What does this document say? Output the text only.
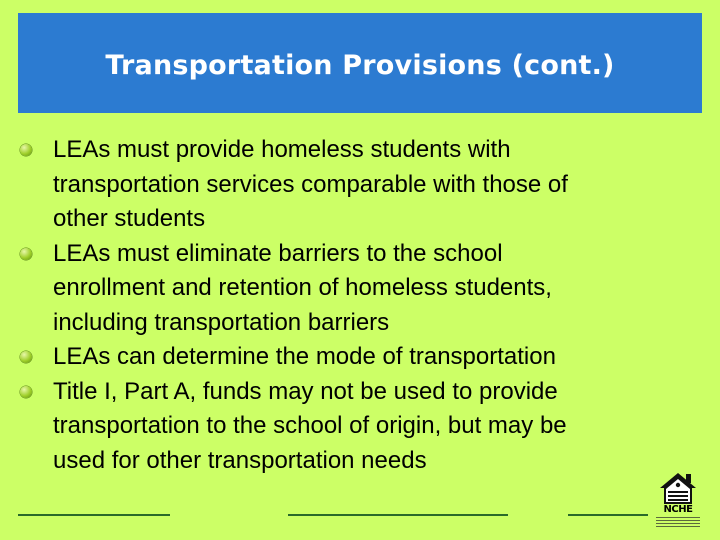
Transportation Provisions (cont.)
LEAs must provide homeless students with
transportation services comparable with those of
other students
LEAs must eliminate barriers to the school
enrollment and retention of homeless students,
including transportation barriers
LEAs can determine the mode of transportation
Title I, Part A, funds may not be used to provide
transportation to the school of origin, but may be
used for other transportation needs
NCHE
